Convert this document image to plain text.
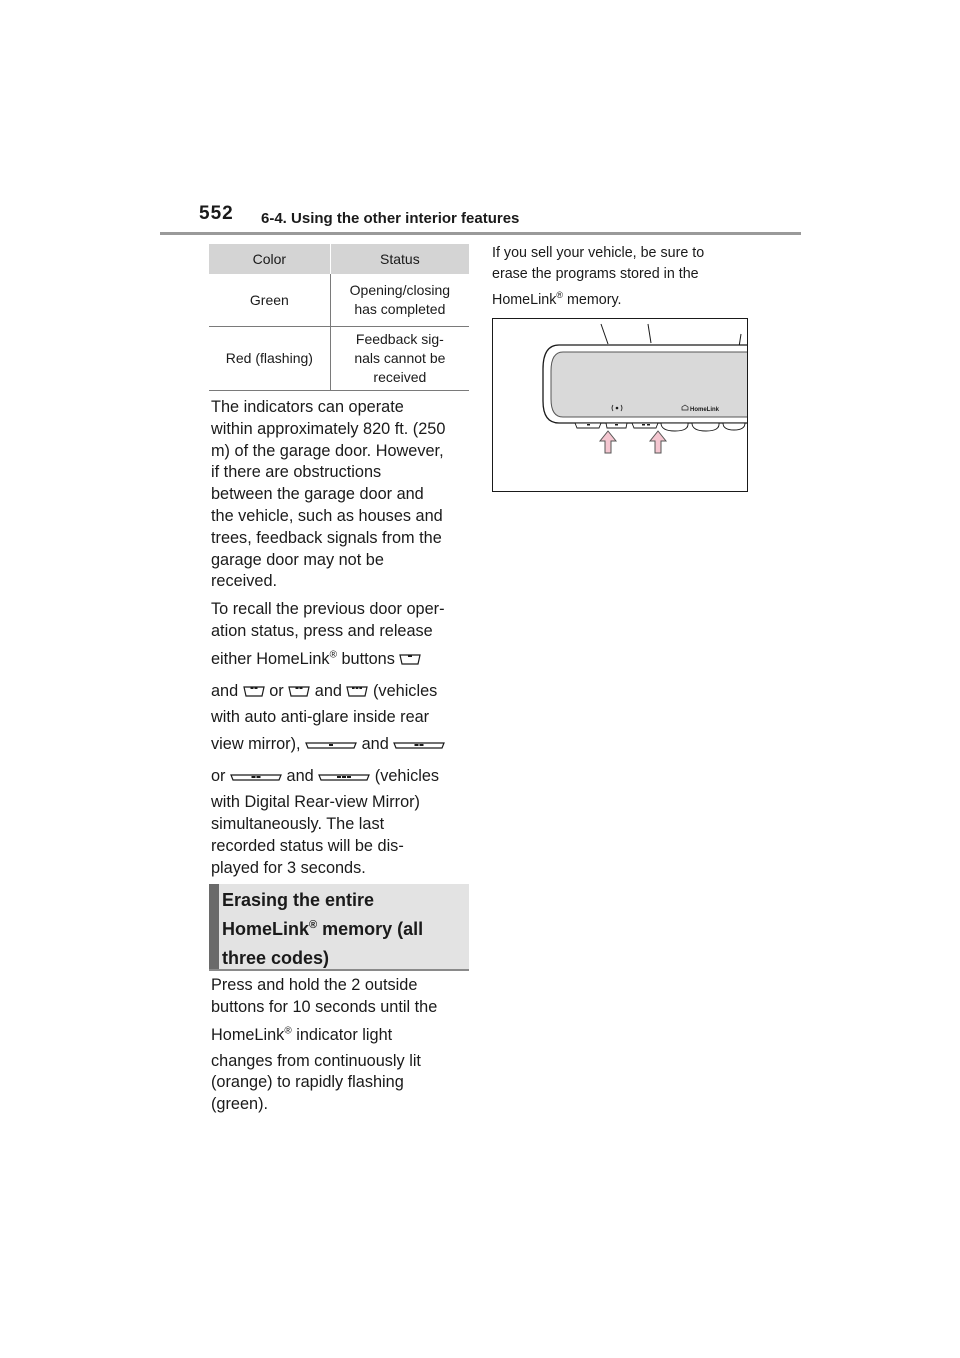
552 6-4. Using the other interior features
Color	Status
Green	Opening/closing
has completed
Red (flashing)	Feedback sig-
nals cannot be
received
The indicators can operate
within approximately 820 ft. (250
m) of the garage door. However,
if there are obstructions
between the garage door and
the vehicle, such as houses and
trees, feedback signals from the
garage door may not be
received.
To recall the previous door oper-
ation status, press and release
either HomeLink® buttons
and or and (vehicles
with auto anti-glare inside rear
view mirror),	and
or	and	(vehicles
with Digital Rear-view Mirror)
simultaneously. The last
recorded status will be dis-
played for 3 seconds.
Erasing the entire
HomeLink® memory (all
three codes)
Press and hold the 2 outside
buttons for 10 seconds until the
HomeLink® indicator light
changes from continuously lit
(orange) to rapidly flashing
(green).
If you sell your vehicle, be sure to
erase the programs stored in the
HomeLink® memory.
HomeLink
